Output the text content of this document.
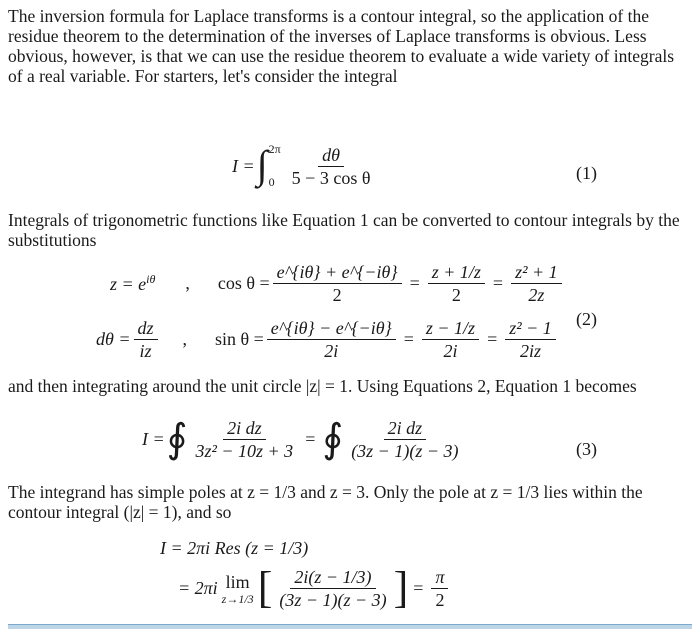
The inversion formula for Laplace transforms is a contour integral, so the application of the residue theorem to the determination of the inverses of Laplace transforms is obvious. Less obvious, however, is that we can use the residue theorem to evaluate a wide variety of integrals of a real variable. For starters, let's consider the integral

I = ∫ 2π
$0 \frac{d\theta}{\text{5 − 3 cos θ}}$	(1)

Integrals of trigonometric functions like Equation 1 can be converted to contour integrals by the substitutions

$z = e^{i\theta}$ , $\cos \theta = \frac{e\^{}\{i\theta\} + e\^{}\{-i\theta\}}{2} = \frac{z + 1/z}{2} = \frac{\text{z² + 1}}{2z}$
(2)
$d\theta = \frac{dz}{iz}$ , $\sin \theta = \frac{e\^{}\{i\theta\} - e\^{}\{-i\theta\}}{2i} = \frac{z - 1/z}{2i} = \frac{\text{z² − 1}}{2iz}$

and then integrating around the unit circle |z| = 1. Using Equations 2, Equation 1 becomes

I = ∮ $\frac{\text{2i dz}}{\text{3z² − 10z + 3}}$ = ∮ $\frac{\text{2i dz}}{(3z - 1)(z - 3)}$	(3)

The integrand has simple poles at z = 1/3 and z = 3. Only the pole at z = 1/3 lies within the contour integral (|z| = 1), and so

I = 2πi Res (z = 1/3)
= 2πi lim
z→1/3 [ $\frac{2i(z - 1/3)}{(3z - 1)(z - 3)}$ ] = $\frac{\pi}{2}$
